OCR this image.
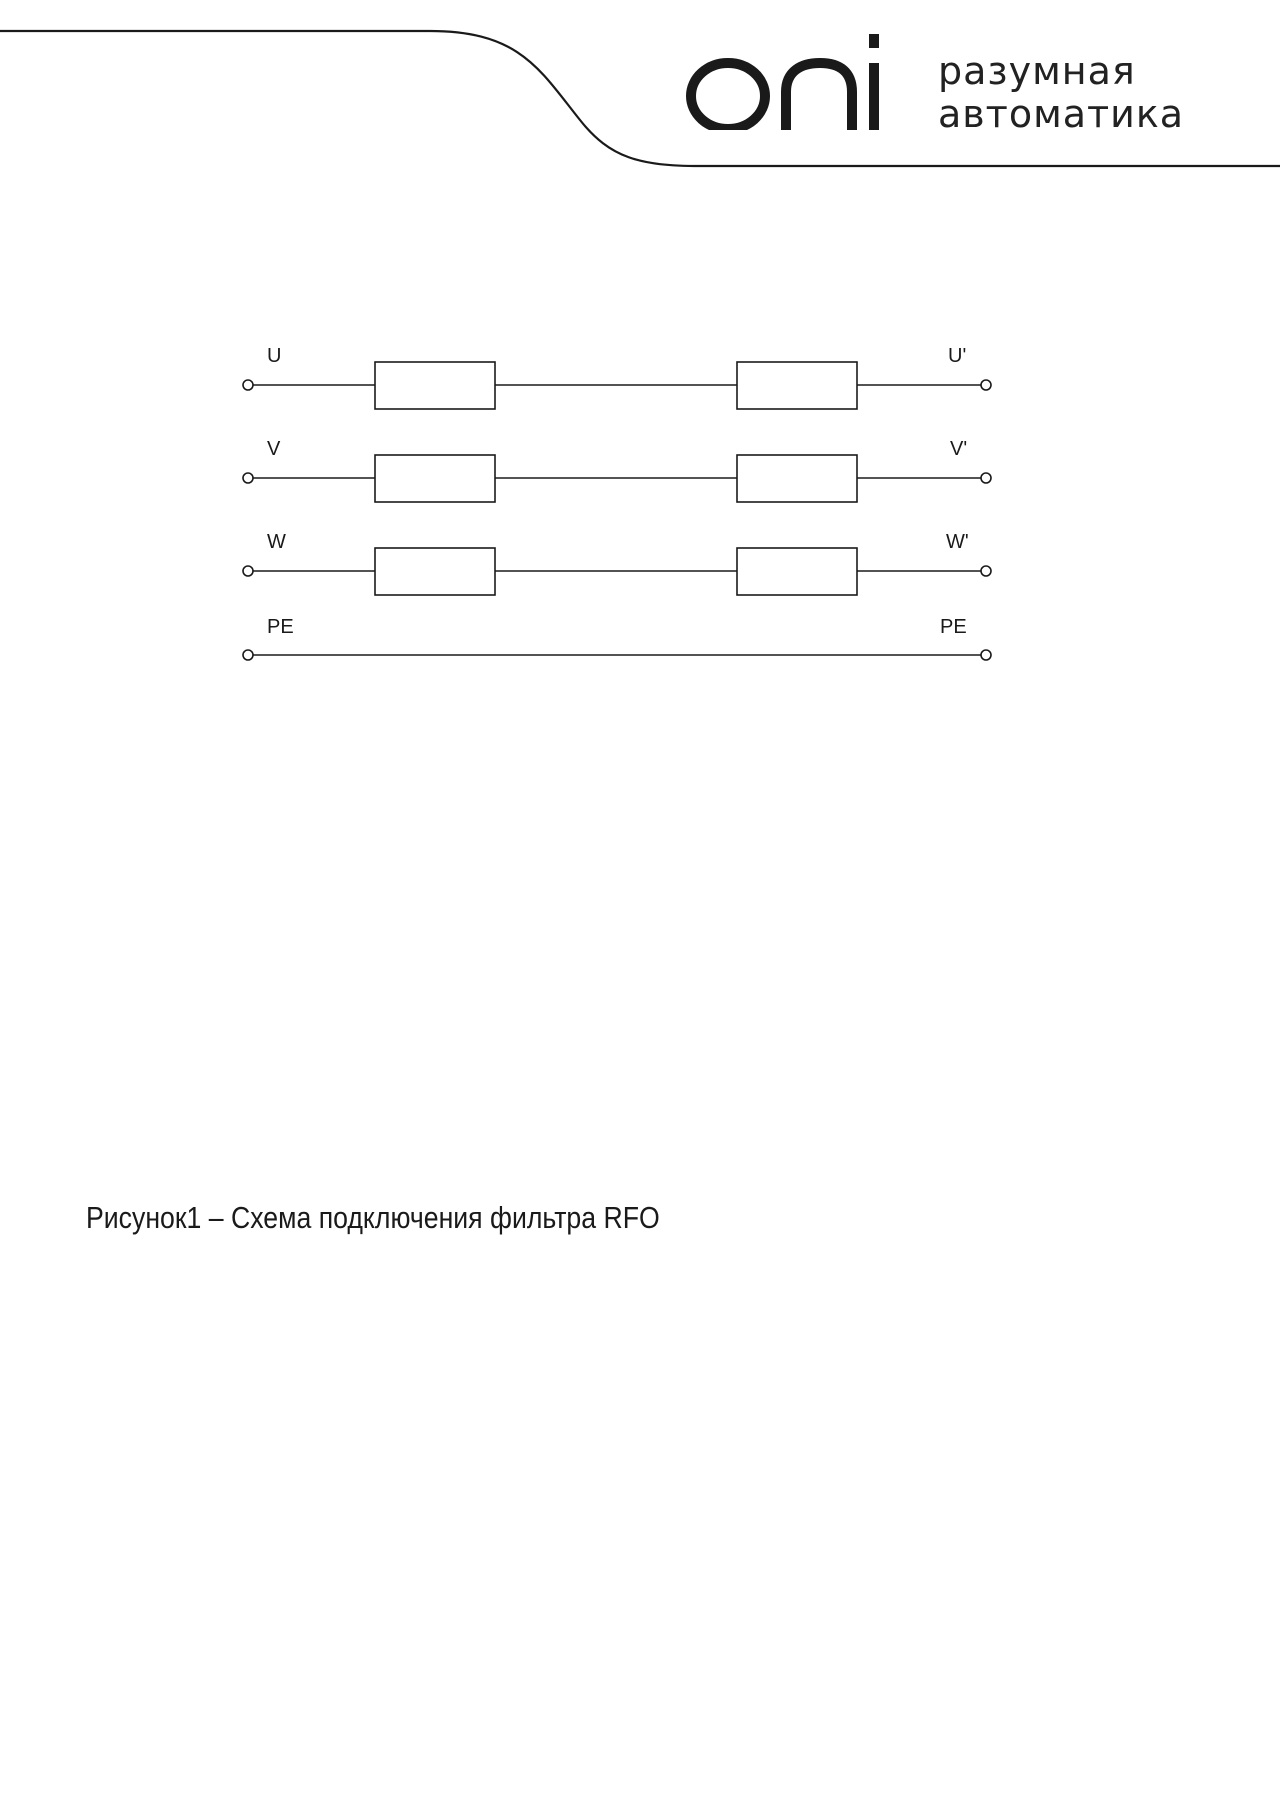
разумная
автоматика
U	U'
V	V'
W	W'
PE	PE
Рисунок1 – Схема подключения фильтра RFO
